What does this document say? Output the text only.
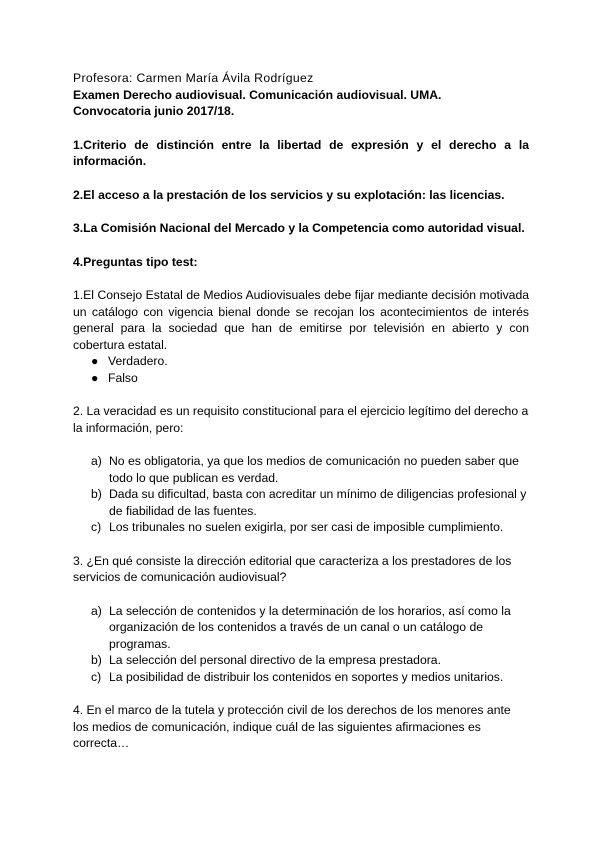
Profesora: Carmen María Ávila Rodríguez
Examen Derecho audiovisual. Comunicación audiovisual. UMA.
Convocatoria junio 2017/18.

1.Criterio de distinción entre la libertad de expresión y el derecho a la información.

2.El acceso a la prestación de los servicios y su explotación: las licencias.

3.La Comisión Nacional del Mercado y la Competencia como autoridad visual.

4.Preguntas tipo test:

1.El Consejo Estatal de Medios Audiovisuales debe fijar mediante decisión motivada un catálogo con vigencia bienal donde se recojan los acontecimientos de interés general para la sociedad que han de emitirse por televisión en abierto y con cobertura estatal.

● Verdadero.
● Falso

2. La veracidad es un requisito constitucional para el ejercicio legítimo del derecho a la información, pero:

a) No es obligatoria, ya que los medios de comunicación no pueden saber que todo lo que publican es verdad.
b) Dada su dificultad, basta con acreditar un mínimo de diligencias profesional y de fiabilidad de las fuentes.
c) Los tribunales no suelen exigirla, por ser casi de imposible cumplimiento.

3. ¿En qué consiste la dirección editorial que caracteriza a los prestadores de los servicios de comunicación audiovisual?

a) La selección de contenidos y la determinación de los horarios, así como la organización de los contenidos a través de un canal o un catálogo de programas.
b) La selección del personal directivo de la empresa prestadora.
c) La posibilidad de distribuir los contenidos en soportes y medios unitarios.

4. En el marco de la tutela y protección civil de los derechos de los menores ante los medios de comunicación, indique cuál de las siguientes afirmaciones es correcta…
